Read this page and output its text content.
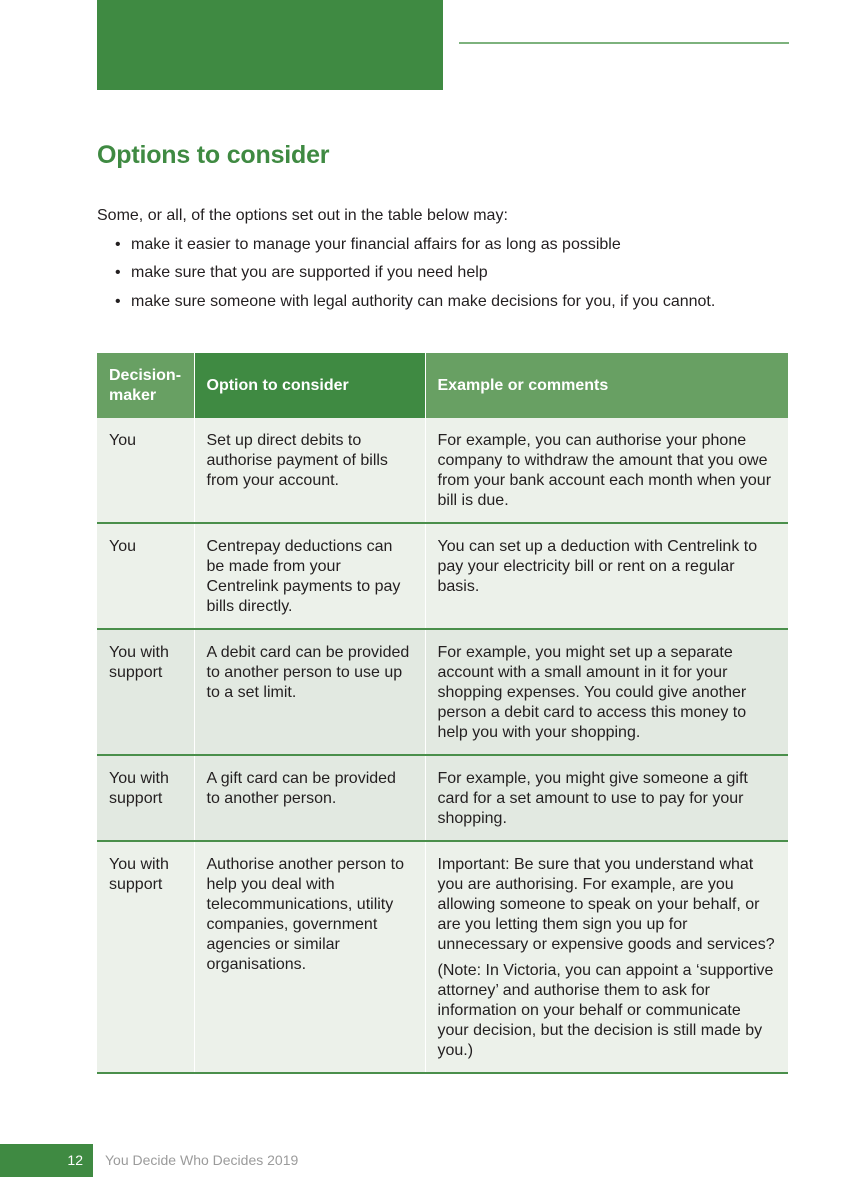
Options to consider

Some, or all, of the options set out in the table below may:

• make it easier to manage your financial affairs for as long as possible
• make sure that you are supported if you need help
• make sure someone with legal authority can make decisions for you, if you cannot.
Decision-maker	Option to consider	Example or comments
You	Set up direct debits to authorise payment of bills from your account.	For example, you can authorise your phone company to withdraw the amount that you owe from your bank account each month when your bill is due.

You	Centrepay deductions can be made from your Centrelink payments to pay bills directly.	You can set up a deduction with Centrelink to pay your electricity bill or rent on a regular basis.

You with support	A debit card can be provided to another person to use up to a set limit.	For example, you might set up a separate account with a small amount in it for your shopping expenses. You could give another person a debit card to access this money to help you with your shopping.

You with support	A gift card can be provided to another person.	For example, you might give someone a gift card for a set amount to use to pay for your shopping.

You with support	Authorise another person to help you deal with telecommunications, utility companies, government agencies or similar organisations.	Important: Be sure that you understand what you are authorising. For example, are you allowing someone to speak on your behalf, or are you letting them sign you up for unnecessary or expensive goods and services?

(Note: In Victoria, you can appoint a ‘supportive attorney’ and authorise them to ask for information on your behalf or communicate your decision, but the decision is still made by you.)

12 You Decide Who Decides 2019
